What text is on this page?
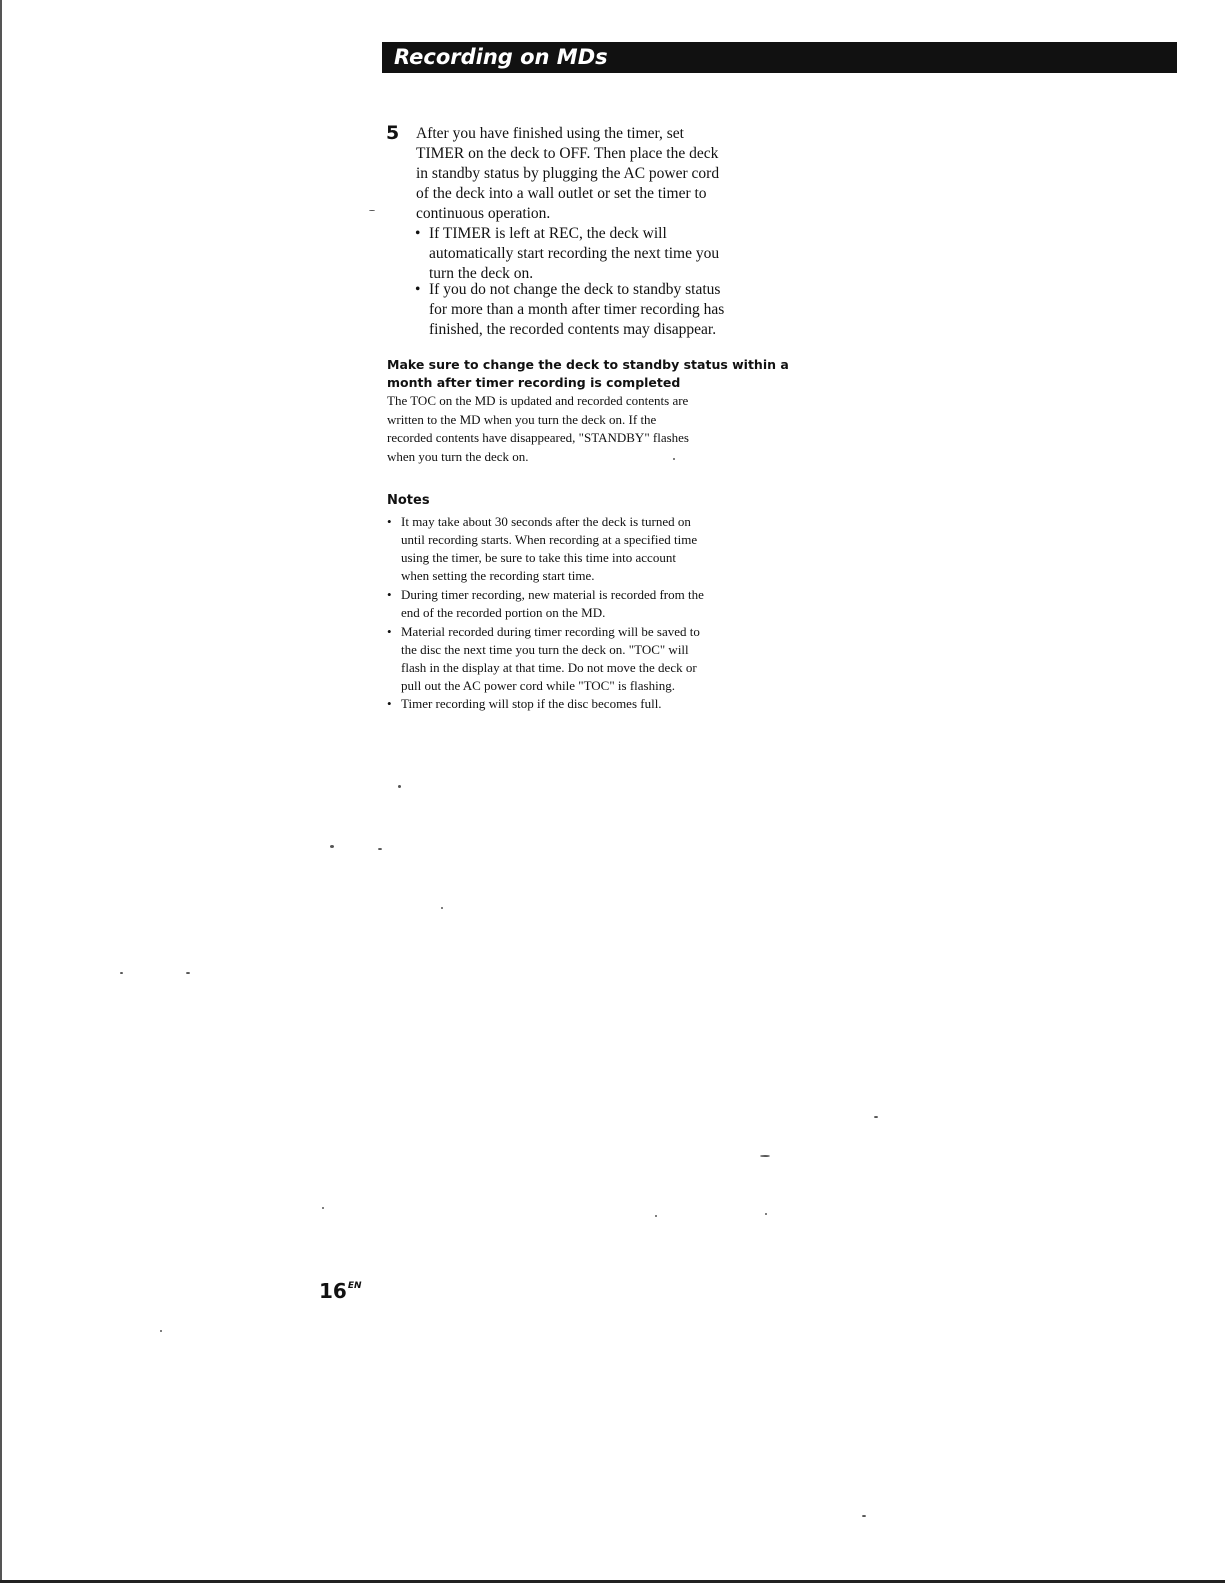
Recording on MDs
5 After you have finished using the timer, set
TIMER on the deck to OFF. Then place the deck
in standby status by plugging the AC power cord
of the deck into a wall outlet or set the timer to
continuous operation.
• If TIMER is left at REC, the deck will
automatically start recording the next time you
turn the deck on.
• If you do not change the deck to standby status
for more than a month after timer recording has
finished, the recorded contents may disappear.
Make sure to change the deck to standby status within a
month after timer recording is completed
The TOC on the MD is updated and recorded contents are
written to the MD when you turn the deck on. If the
recorded contents have disappeared, "STANDBY" flashes
when you turn the deck on.
Notes
• It may take about 30 seconds after the deck is turned on
until recording starts. When recording at a specified time
using the timer, be sure to take this time into account
when setting the recording start time.
• During timer recording, new material is recorded from the
end of the recorded portion on the MD.
• Material recorded during timer recording will be saved to
the disc the next time you turn the deck on. "TOC" will
flash in the display at that time. Do not move the deck or
pull out the AC power cord while "TOC" is flashing.
• Timer recording will stop if the disc becomes full.
$16^{EN}$
